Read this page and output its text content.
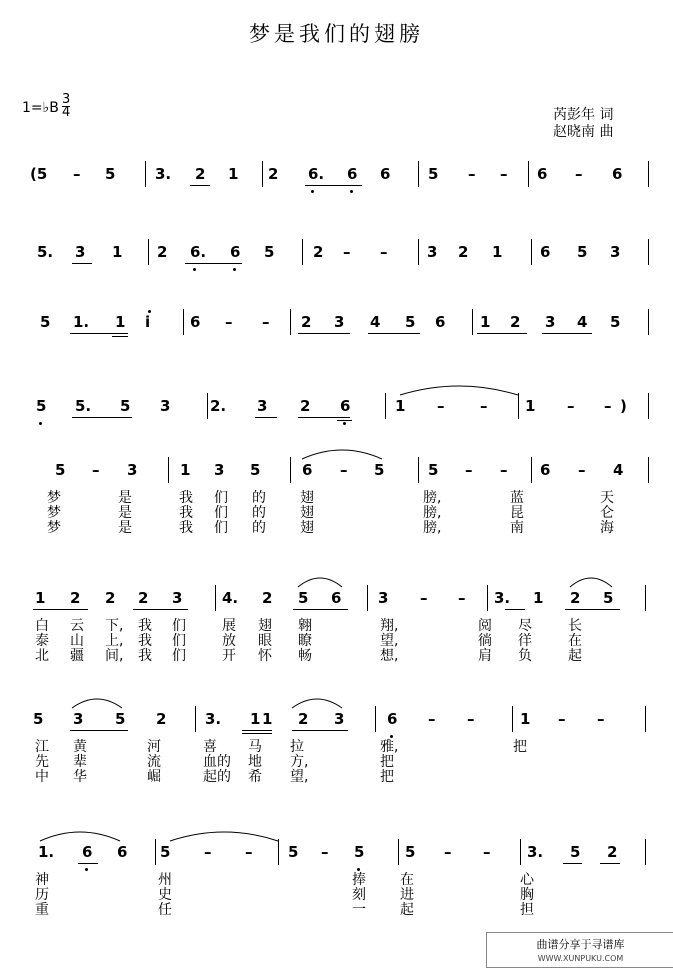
梦是我们的翅膀
1=♭B $\frac{3}{4}$	芮彭年 词
赵晓南 曲
(5 – 5	3. 2 1 2 6. 6 6	5 – – 6 – 6
5. 3 1 2 6. 6 5	2 – –	3 2 1	6 5 3
5 1. 1 i	6 – – 2 3 4 5 6 1 2 3 4 5
5 5. 5 3	2. 3 2 6	1 – –	1 – – )
5 – 3	1 3 5	6 – 5	5 – – 6 – 4
梦	是	我 们 的 翅	膀,	蓝	天
梦	是	我 们 的 翅	膀,	昆	仑
梦	是	我 们 的 翅	膀,	南	海
1 2 2 2 3	4. 2 5 6 3 – – 3. 1 2 5
白 云 下, 我 们	展 翅 翱	翔,	阅 尽	长
泰 山 上, 我 们	放 眼 瞭	望,	徜 徉	在
北 疆 间, 我 们	开 怀 畅	想,	肩 负	起
5 3 5 2	3. 1 1 2 3	6 – –	1 – –
江 黄	河	喜 马 拉	雅,	把
先 辈	流	血的 地 方,	把
中 华	崛	起的 希 望,	把
1. 6 6 5 – – 5 – 5	5 – – 3. 5 2
神	州	捧 在	心
历	史	刻 进	胸
重	任	一 起	担
曲谱分享于寻谱库
WWW.XUNPUKU.COM
